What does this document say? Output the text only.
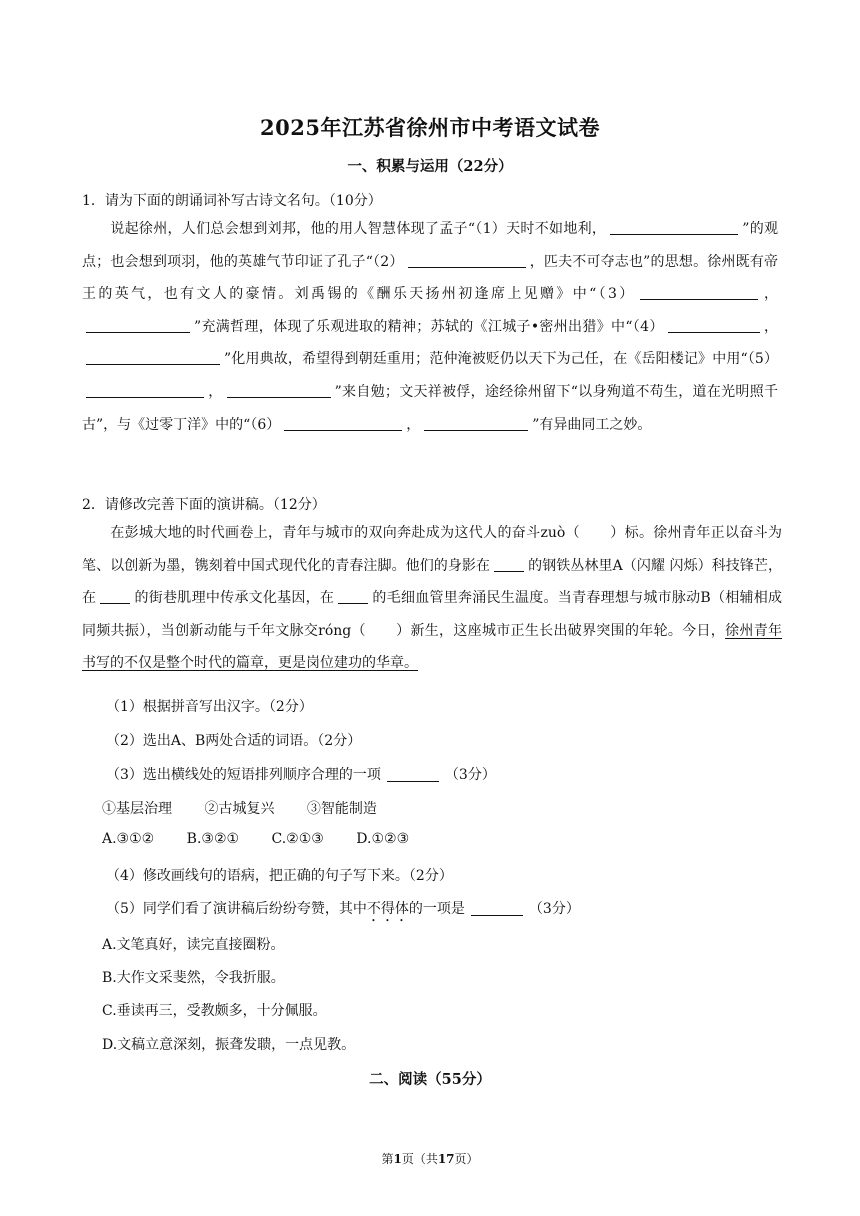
2025年江苏省徐州市中考语文试卷
一、积累与运用（22分）
1．请为下面的朗诵词补写古诗文名句。（10分）
说起徐州，人们总会想到刘邦，他的用人智慧体现了孟子“（1）天时不如地利，	”的观点；也会想到项羽，他的英雄气节印证了孔子“（2）	，匹夫不可夺志也”的思想。徐州既有帝王的英气，也有文人的豪情。刘禹锡的《酬乐天扬州初逢席上见赠》中“（3）	，”充满哲理，体现了乐观进取的精神；苏轼的《江城子•密州出猎》中“（4）	，”化用典故，希望得到朝廷重用；范仲淹被贬仍以天下为己任，在《岳阳楼记》中用“（5），	”来自勉；文天祥被俘，途经徐州留下“以身殉道不苟生，道在光明照千古”，与《过零丁洋》中的“（6）	，	”有异曲同工之妙。
2．请修改完善下面的演讲稿。（12分）
在彭城大地的时代画卷上，青年与城市的双向奔赴成为这代人的奋斗zuò（ ）标。徐州青年正以奋斗为笔、以创新为墨，镌刻着中国式现代化的青春注脚。他们的身影在	的钢铁丛林里A（闪耀 闪烁）科技锋芒，在	的街巷肌理中传承文化基因，在	的毛细血管里奔涌民生温度。当青春理想与城市脉动B（相辅相成 同频共振），当创新动能与千年文脉交róng（ ）新生，这座城市正生长出破界突围的年轮。今日，徐州青年书写的不仅是整个时代的篇章，更是岗位建功的华章。
（1）根据拼音写出汉字。（2分）
（2）选出A、B两处合适的词语。（2分）
（3）选出横线处的短语排列顺序合理的一项	（3分）
①基层治理 ②古城复兴 ③智能制造
A.③①② B.③②① C.②①③ D.①②③
（4）修改画线句的语病，把正确的句子写下来。（2分）
（5）同学们看了演讲稿后纷纷夸赞，其中不得体的一项是	（3分）
A.文笔真好，读完直接圈粉。
B.大作文采斐然，令我折服。
C.垂读再三，受教颇多，十分佩服。
D.文稿立意深刻，振聋发聩，一点见教。
二、阅读（55分）
第1页（共17页）
